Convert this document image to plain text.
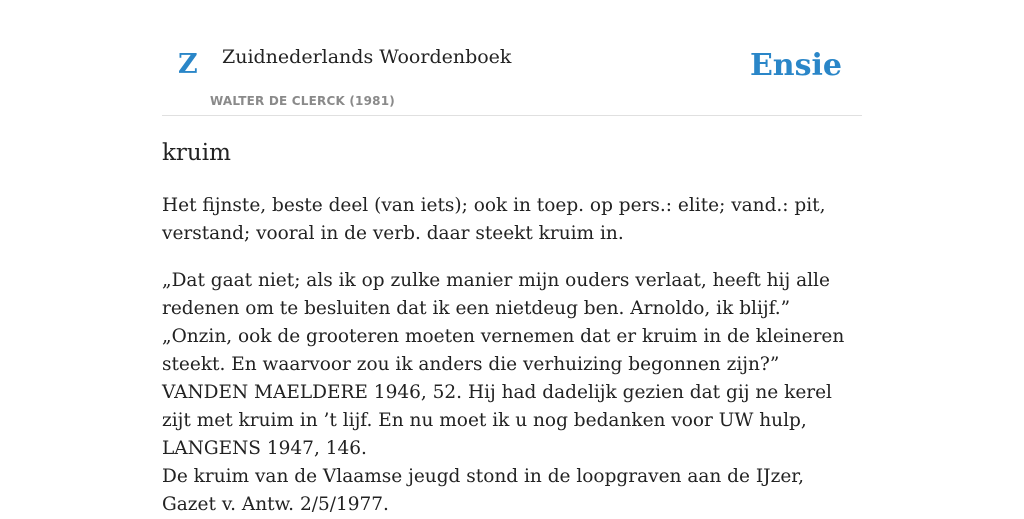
Z Zuidnederlands Woordenboek
WALTER DE CLERCK (1981)
Ensie
kruim

Het fijnste, beste deel (van iets); ook in toep. op pers.: elite; vand.: pit, verstand; vooral in de verb. daar steekt kruim in.

„Dat gaat niet; als ik op zulke manier mijn ouders verlaat, heeft hij alle redenen om te besluiten dat ik een nietdeug ben. Arnoldo, ik blijf.” „Onzin, ook de grooteren moeten vernemen dat er kruim in de kleineren steekt. En waarvoor zou ik anders die verhuizing begonnen zijn?” VANDEN MAELDERE 1946, 52. Hij had dadelijk gezien dat gij ne kerel zijt met kruim in ’t lijf. En nu moet ik u nog bedanken voor UW hulp, LANGENS 1947, 146.

De kruim van de Vlaamse jeugd stond in de loopgraven aan de IJzer, Gazet v. Antw. 2/5/1977.
